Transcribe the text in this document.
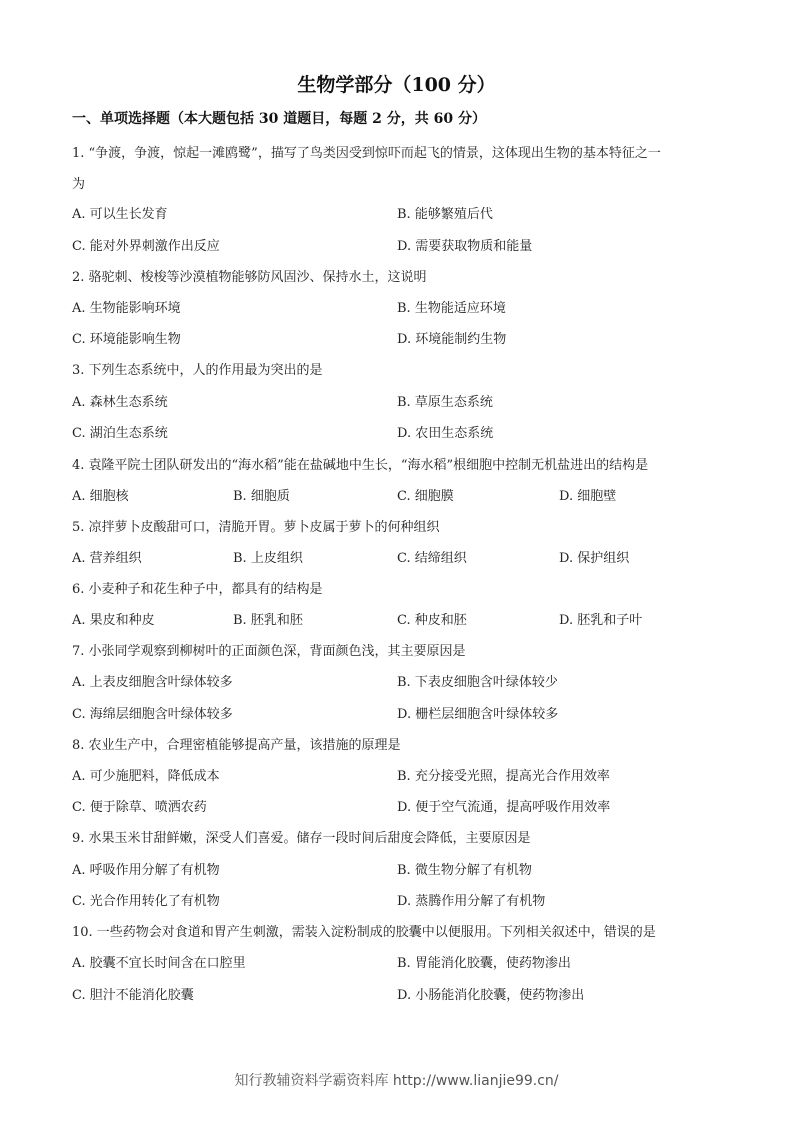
生物学部分（100 分）
一、单项选择题（本大题包括 30 道题目，每题 2 分，共 60 分）
1. “争渡，争渡，惊起一滩鸥鹭”，描写了鸟类因受到惊吓而起飞的情景，这体现出生物的基本特征之一
为
A. 可以生长发育	B. 能够繁殖后代
C. 能对外界刺激作出反应	D. 需要获取物质和能量
2. 骆驼刺、梭梭等沙漠植物能够防风固沙、保持水土，这说明
A. 生物能影响环境	B. 生物能适应环境
C. 环境能影响生物	D. 环境能制约生物
3. 下列生态系统中，人的作用最为突出的是
A. 森林生态系统	B. 草原生态系统
C. 湖泊生态系统	D. 农田生态系统
4. 袁隆平院士团队研发出的“海水稻”能在盐碱地中生长，“海水稻”根细胞中控制无机盐进出的结构是
A. 细胞核	B. 细胞质	C. 细胞膜	D. 细胞壁
5. 凉拌萝卜皮酸甜可口，清脆开胃。萝卜皮属于萝卜的何种组织
A. 营养组织	B. 上皮组织	C. 结缔组织	D. 保护组织
6. 小麦种子和花生种子中，都具有的结构是
A. 果皮和种皮	B. 胚乳和胚	C. 种皮和胚	D. 胚乳和子叶
7. 小张同学观察到柳树叶的正面颜色深，背面颜色浅，其主要原因是
A. 上表皮细胞含叶绿体较多	B. 下表皮细胞含叶绿体较少
C. 海绵层细胞含叶绿体较多	D. 栅栏层细胞含叶绿体较多
8. 农业生产中，合理密植能够提高产量，该措施的原理是
A. 可少施肥料，降低成本	B. 充分接受光照，提高光合作用效率
C. 便于除草、喷洒农药	D. 便于空气流通，提高呼吸作用效率
9. 水果玉米甘甜鲜嫩，深受人们喜爱。储存一段时间后甜度会降低，主要原因是
A. 呼吸作用分解了有机物	B. 微生物分解了有机物
C. 光合作用转化了有机物	D. 蒸腾作用分解了有机物
10. 一些药物会对食道和胃产生刺激，需装入淀粉制成的胶囊中以便服用。下列相关叙述中，错误的是
A. 胶囊不宜长时间含在口腔里	B. 胃能消化胶囊，使药物渗出
C. 胆汁不能消化胶囊	D. 小肠能消化胶囊，使药物渗出
知行教辅资料学霸资料库 http://www.lianjie99.cn/
